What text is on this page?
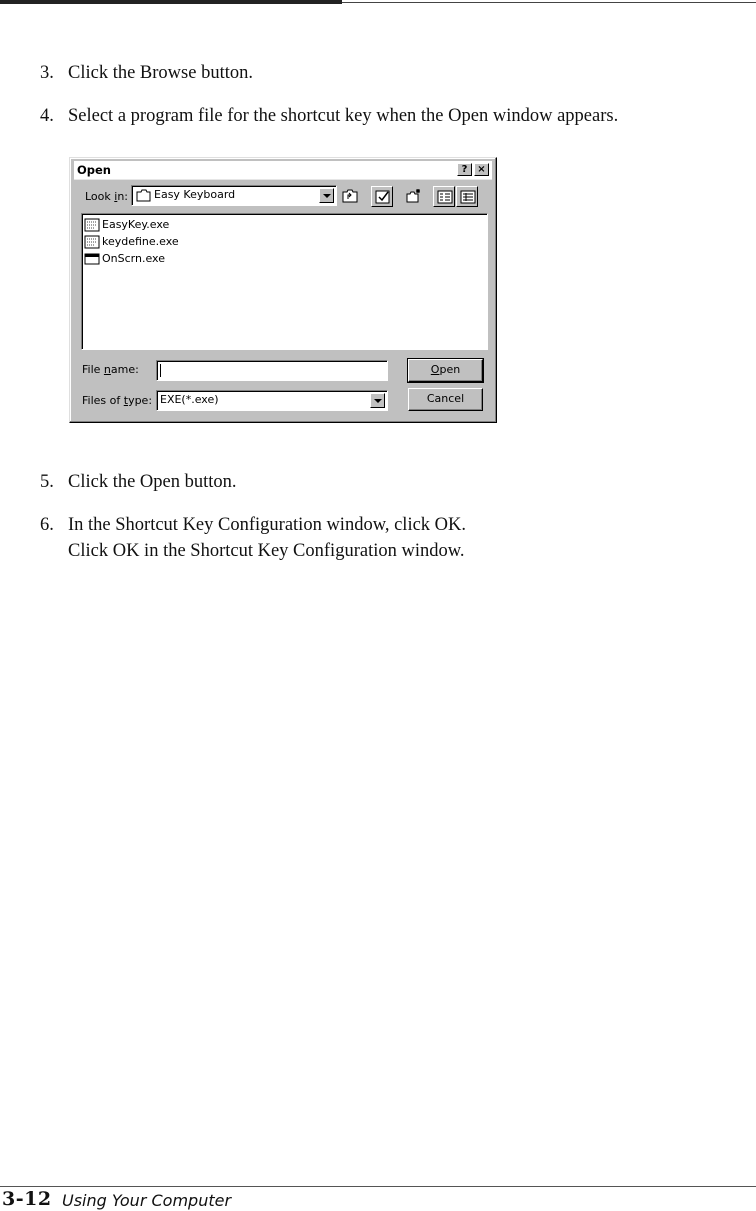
3. Click the Browse button.
4. Select a program file for the shortcut key when the Open window appears.
Open	? ×
Look in: Easy Keyboard
EasyKey.exe
keydefine.exe
OnScrn.exe
File name:
Files of type: EXE(*.exe)
Open
Cancel
5. Click the Open button.
6. In the Shortcut Key Configuration window, click OK.
Click OK in the Shortcut Key Configuration window.
3-12 Using Your Computer
